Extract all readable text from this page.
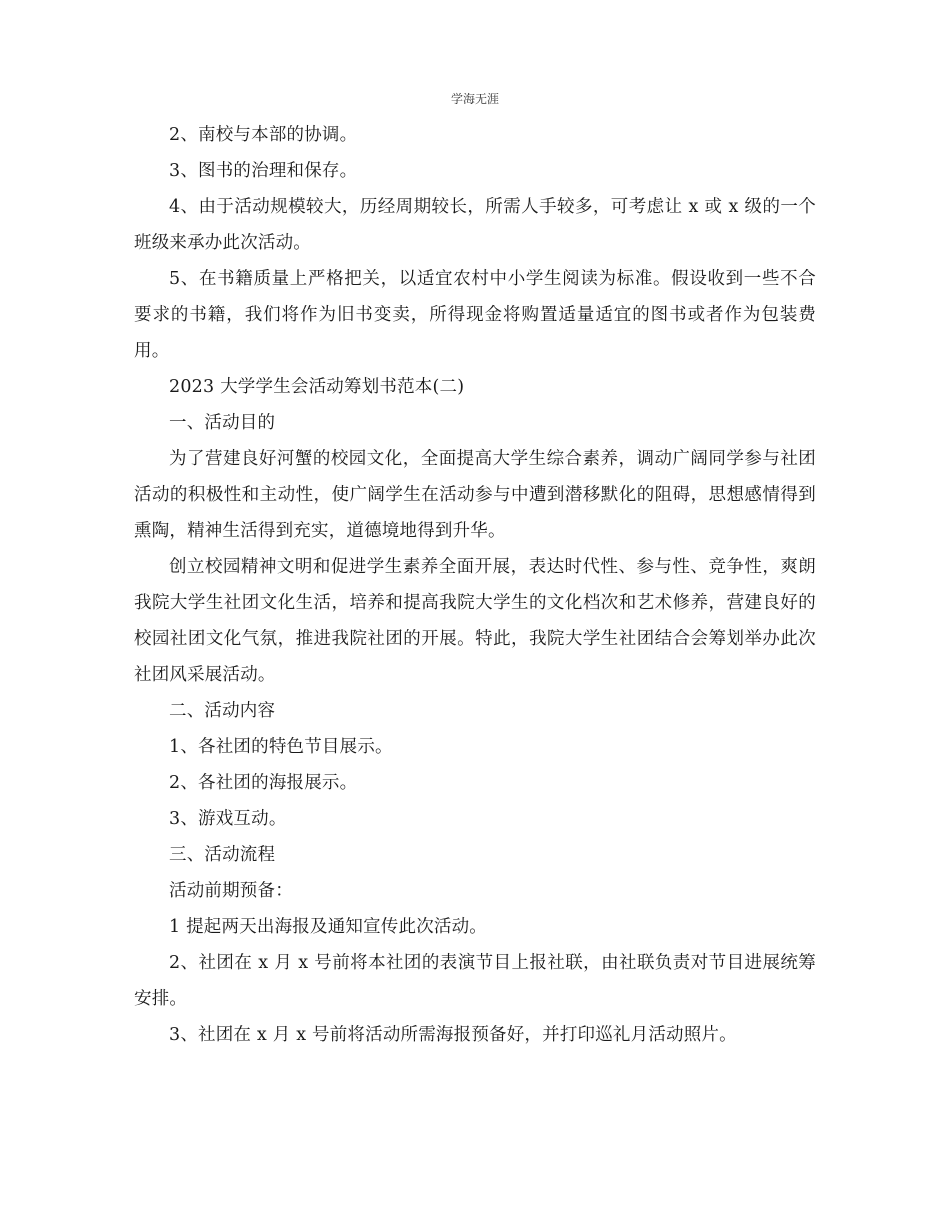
学海无涯

2、南校与本部的协调。

3、图书的治理和保存。

4、由于活动规模较大，历经周期较长，所需人手较多，可考虑让 x 或 x 级的一个班级来承办此次活动。

5、在书籍质量上严格把关，以适宜农村中小学生阅读为标准。假设收到一些不合要求的书籍，我们将作为旧书变卖，所得现金将购置适量适宜的图书或者作为包装费用。

2023 大学学生会活动筹划书范本(二)

一、活动目的

为了营建良好河蟹的校园文化，全面提高大学生综合素养，调动广阔同学参与社团活动的积极性和主动性，使广阔学生在活动参与中遭到潜移默化的阻碍，思想感情得到熏陶，精神生活得到充实，道德境地得到升华。

创立校园精神文明和促进学生素养全面开展，表达时代性、参与性、竞争性，爽朗我院大学生社团文化生活，培养和提高我院大学生的文化档次和艺术修养，营建良好的校园社团文化气氛，推进我院社团的开展。特此，我院大学生社团结合会筹划举办此次社团风采展活动。

二、活动内容

1、各社团的特色节目展示。

2、各社团的海报展示。

3、游戏互动。

三、活动流程

活动前期预备：

1 提起两天出海报及通知宣传此次活动。

2、社团在 x 月 x 号前将本社团的表演节目上报社联，由社联负责对节目进展统筹安排。

3、社团在 x 月 x 号前将活动所需海报预备好，并打印巡礼月活动照片。
